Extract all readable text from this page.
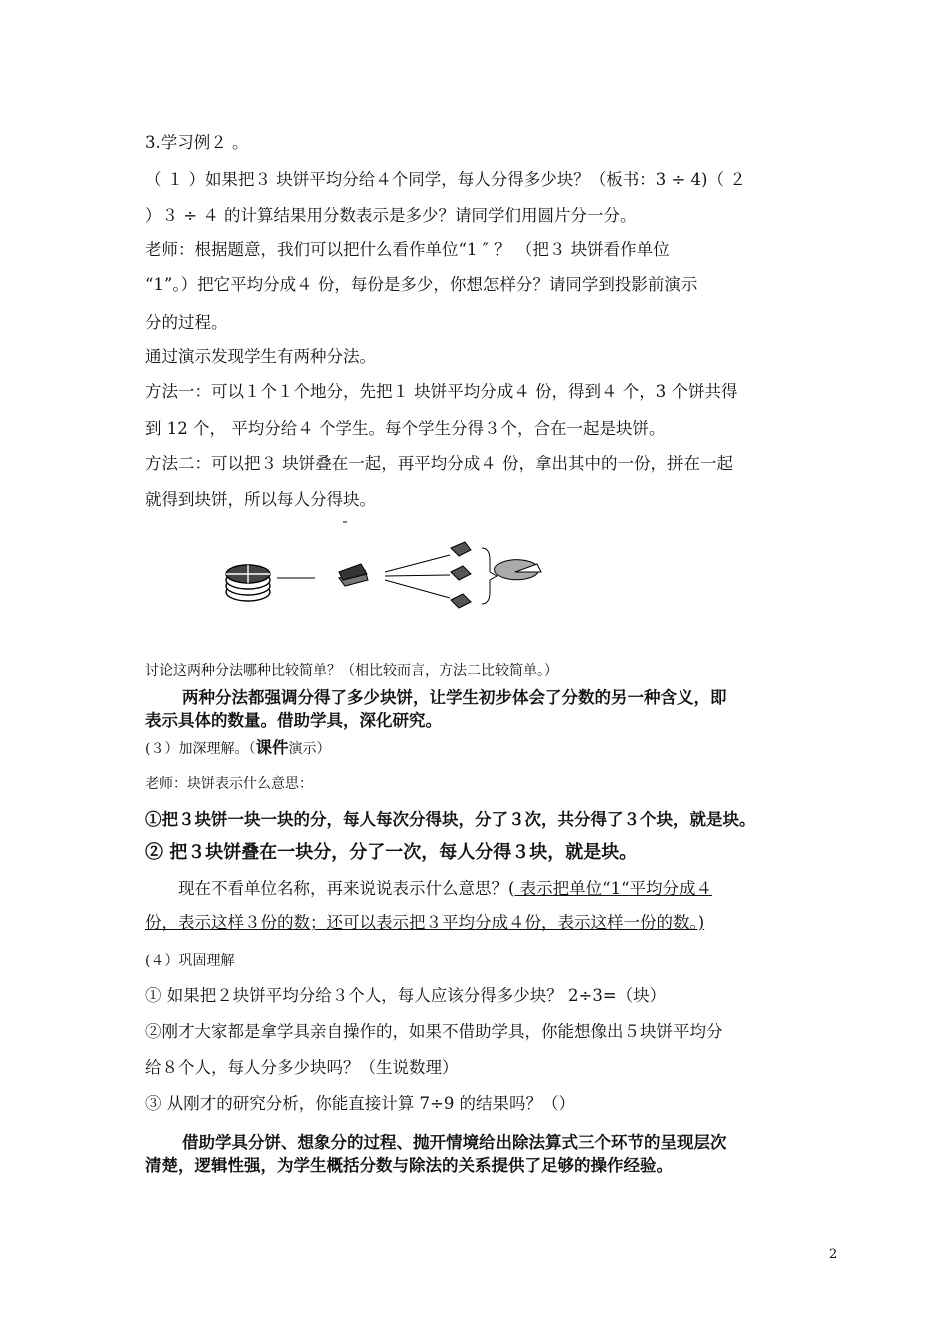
3.学习例２ 。
（ １ ）如果把３ 块饼平均分给４个同学，每人分得多少块？（板书：3 ÷ 4)（ ２
）３ ÷ ４ 的计算结果用分数表示是多少？请同学们用圆片分一分。
老师：根据题意，我们可以把什么看作单位“1 ″ ？ （把３ 块饼看作单位
“1”。）把它平均分成４ 份，每份是多少，你想怎样分？请同学到投影前演示
分的过程。
通过演示发现学生有两种分法。
方法一：可以１个１个地分，先把１ 块饼平均分成４ 份，得到４ 个，3 个饼共得
到 12 个， 平均分给４ 个学生。每个学生分得３个，合在一起是块饼。
方法二：可以把３ 块饼叠在一起，再平均分成４ 份，拿出其中的一份，拼在一起
就得到块饼，所以每人分得块。
讨论这两种分法哪种比较简单？（相比较而言，方法二比较简单。）
两种分法都强调分得了多少块饼，让学生初步体会了分数的另一种含义，即
表示具体的数量。借助学具，深化研究。
(３）加深理解。（课件演示）
老师：块饼表示什么意思：
①把３块饼一块一块的分，每人每次分得块，分了３次，共分得了３个块，就是块。
② 把３块饼叠在一块分，分了一次，每人分得３块，就是块。
现在不看单位名称，再来说说表示什么意思？( 表示把单位“1“平均分成４
份，表示这样３份的数；还可以表示把３平均分成４份，表示这样一份的数。)
(４）巩固理解
① 如果把２块饼平均分给３个人，每人应该分得多少块？ 2÷3=（块）
②刚才大家都是拿学具亲自操作的，如果不借助学具，你能想像出５块饼平均分
给８个人，每人分多少块吗？（生说数理）
③ 从刚才的研究分析，你能直接计算 7÷9 的结果吗？（）
借助学具分饼、想象分的过程、抛开情境给出除法算式三个环节的呈现层次
清楚，逻辑性强，为学生概括分数与除法的关系提供了足够的操作经验。
2
